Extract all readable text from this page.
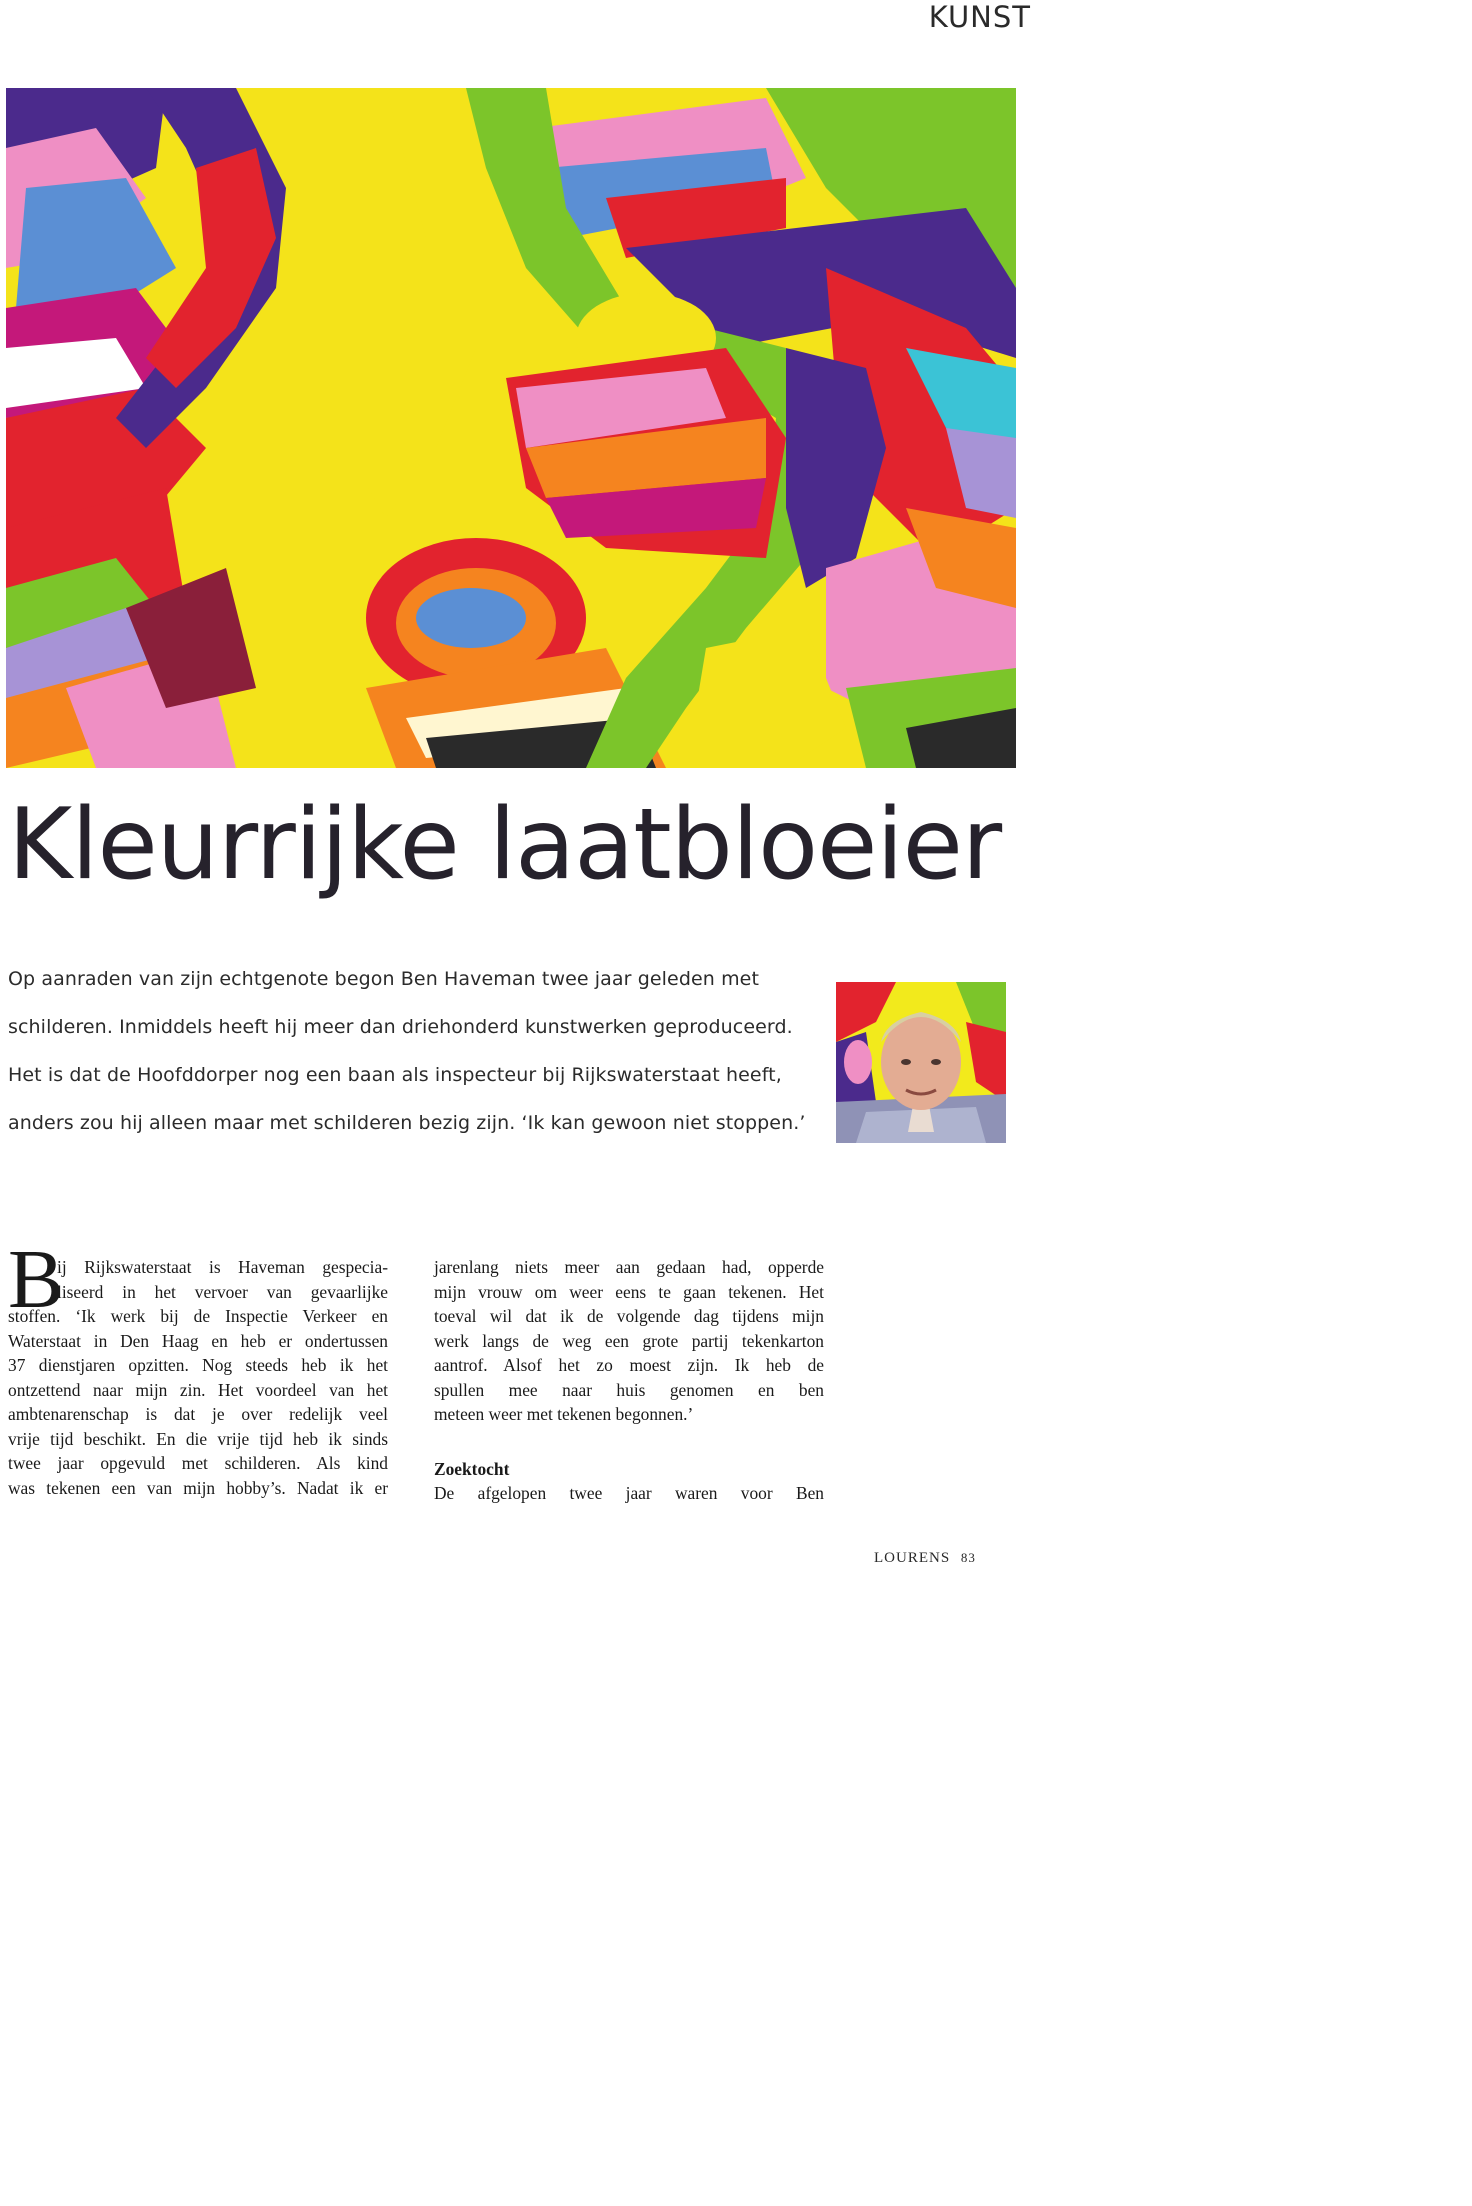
KUNST
Kleurrijke laatbloeier
Op aanraden van zijn echtgenote begon Ben Haveman twee jaar geleden met
schilderen. Inmiddels heeft hij meer dan driehonderd kunstwerken geproduceerd.
Het is dat de Hoofddorper nog een baan als inspecteur bij Rijkswaterstaat heeft,
anders zou hij alleen maar met schilderen bezig zijn. ‘Ik kan gewoon niet stoppen.’
B
ij Rijkswaterstaat is Haveman gespecia-
liseerd in het vervoer van gevaarlijke
stoffen. ‘Ik werk bij de Inspectie Verkeer en
Waterstaat in Den Haag en heb er ondertussen
37 dienstjaren opzitten. Nog steeds heb ik het
ontzettend naar mijn zin. Het voordeel van het
ambtenarenschap is dat je over redelijk veel
vrije tijd beschikt. En die vrije tijd heb ik sinds
twee jaar opgevuld met schilderen. Als kind
was tekenen een van mijn hobby’s. Nadat ik er
jarenlang niets meer aan gedaan had, opperde
mijn vrouw om weer eens te gaan tekenen. Het
toeval wil dat ik de volgende dag tijdens mijn
werk langs de weg een grote partij tekenkarton
aantrof. Alsof het zo moest zijn. Ik heb de
spullen mee naar huis genomen en ben
meteen weer met tekenen begonnen.’
Zoektocht
De afgelopen twee jaar waren voor Ben
LOURENS 83
